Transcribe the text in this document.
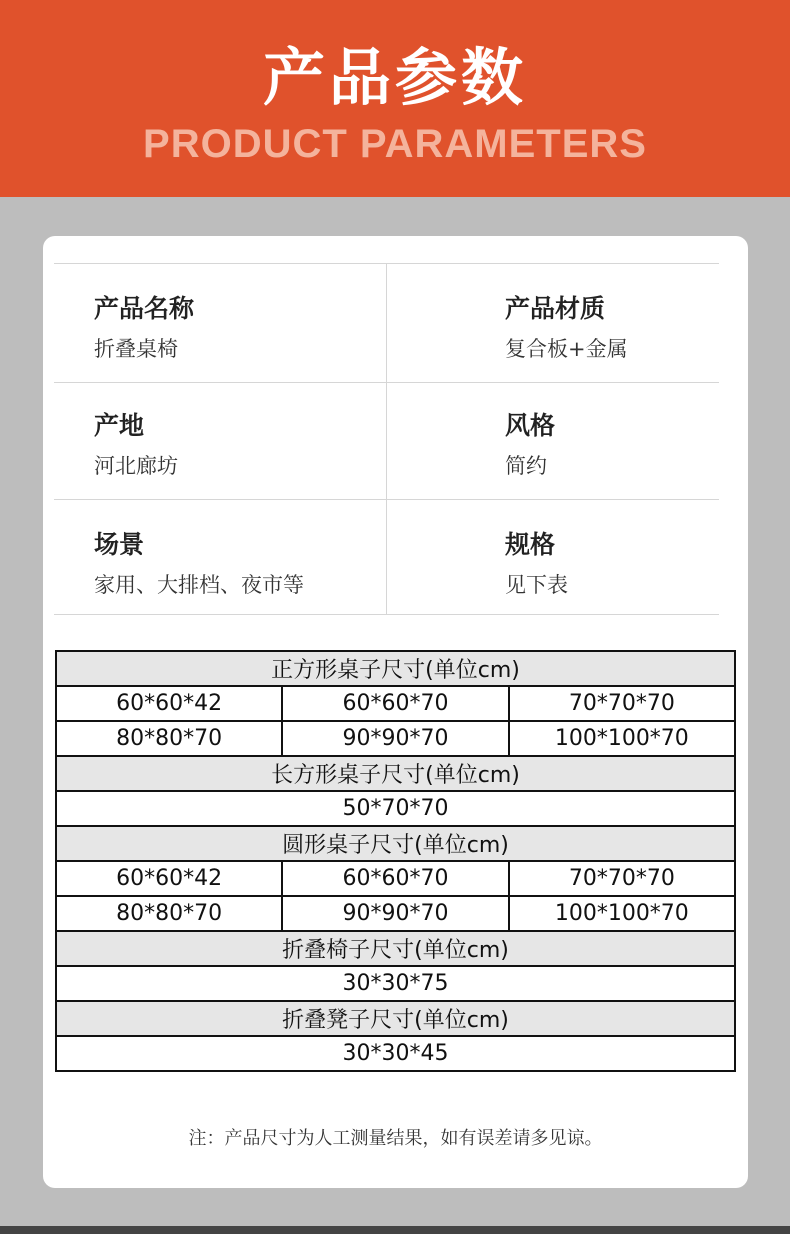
产品参数
PRODUCT PARAMETERS
产品名称
折叠桌椅
产品材质
复合板+金属
产地
河北廊坊
风格
简约
场景
家用、大排档、夜市等
规格
见下表
正方形桌子尺寸(单位cm)		
60*60*42	60*60*70	70*70*70
80*80*70	90*90*70	100*100*70
长方形桌子尺寸(单位cm)		
50*70*70		
圆形桌子尺寸(单位cm)		
60*60*42	60*60*70	70*70*70
80*80*70	90*90*70	100*100*70
折叠椅子尺寸(单位cm)		
30*30*75		
折叠凳子尺寸(单位cm)		
30*30*45		
注：产品尺寸为人工测量结果，如有误差请多见谅。
